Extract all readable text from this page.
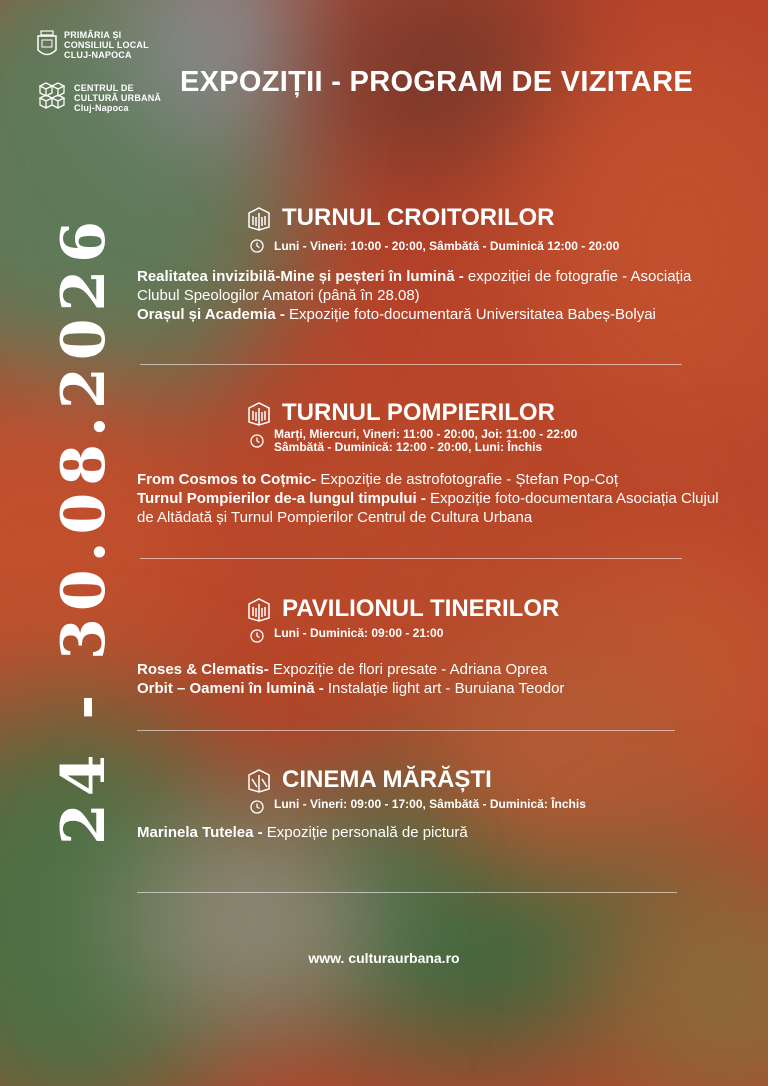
PRIMĂRIA ȘI
CONSILIUL LOCAL
CLUJ-NAPOCA
CENTRUL DE
CULTURĂ URBANĂ
Cluj-Napoca
EXPOZIȚII - PROGRAM DE VIZITARE
24 - 30.08.2026	TURNUL CROITORILOR
Luni - Vineri: 10:00 - 20:00, Sâmbătă - Duminică 12:00 - 20:00
Realitatea invizibilă-Mine și peșteri în lumină - expoziției de fotografie - Asociația Clubul Speologilor Amatori (până în 28.08)
Orașul și Academia - Expoziție foto-documentară Universitatea Babeș-Bolyai
TURNUL POMPIERILOR
Marți, Miercuri, Vineri: 11:00 - 20:00, Joi: 11:00 - 22:00
Sâmbătă - Duminică: 12:00 - 20:00, Luni: Închis
From Cosmos to Coțmic- Expoziție de astrofotografie - Ștefan Pop-Coț
Turnul Pompierilor de-a lungul timpului - Expoziție foto-documentara Asociația Clujul de Altădată și Turnul Pompierilor Centrul de Cultura Urbana
PAVILIONUL TINERILOR
Luni - Duminică: 09:00 - 21:00
Roses & Clematis- Expoziție de flori presate - Adriana Oprea
Orbit – Oameni în lumină - Instalație light art - Buruiana Teodor
CINEMA MĂRĂȘTI
Luni - Vineri: 09:00 - 17:00, Sâmbătă - Duminică: Închis
Marinela Tutelea - Expoziție personală de pictură
www. culturaurbana.ro
